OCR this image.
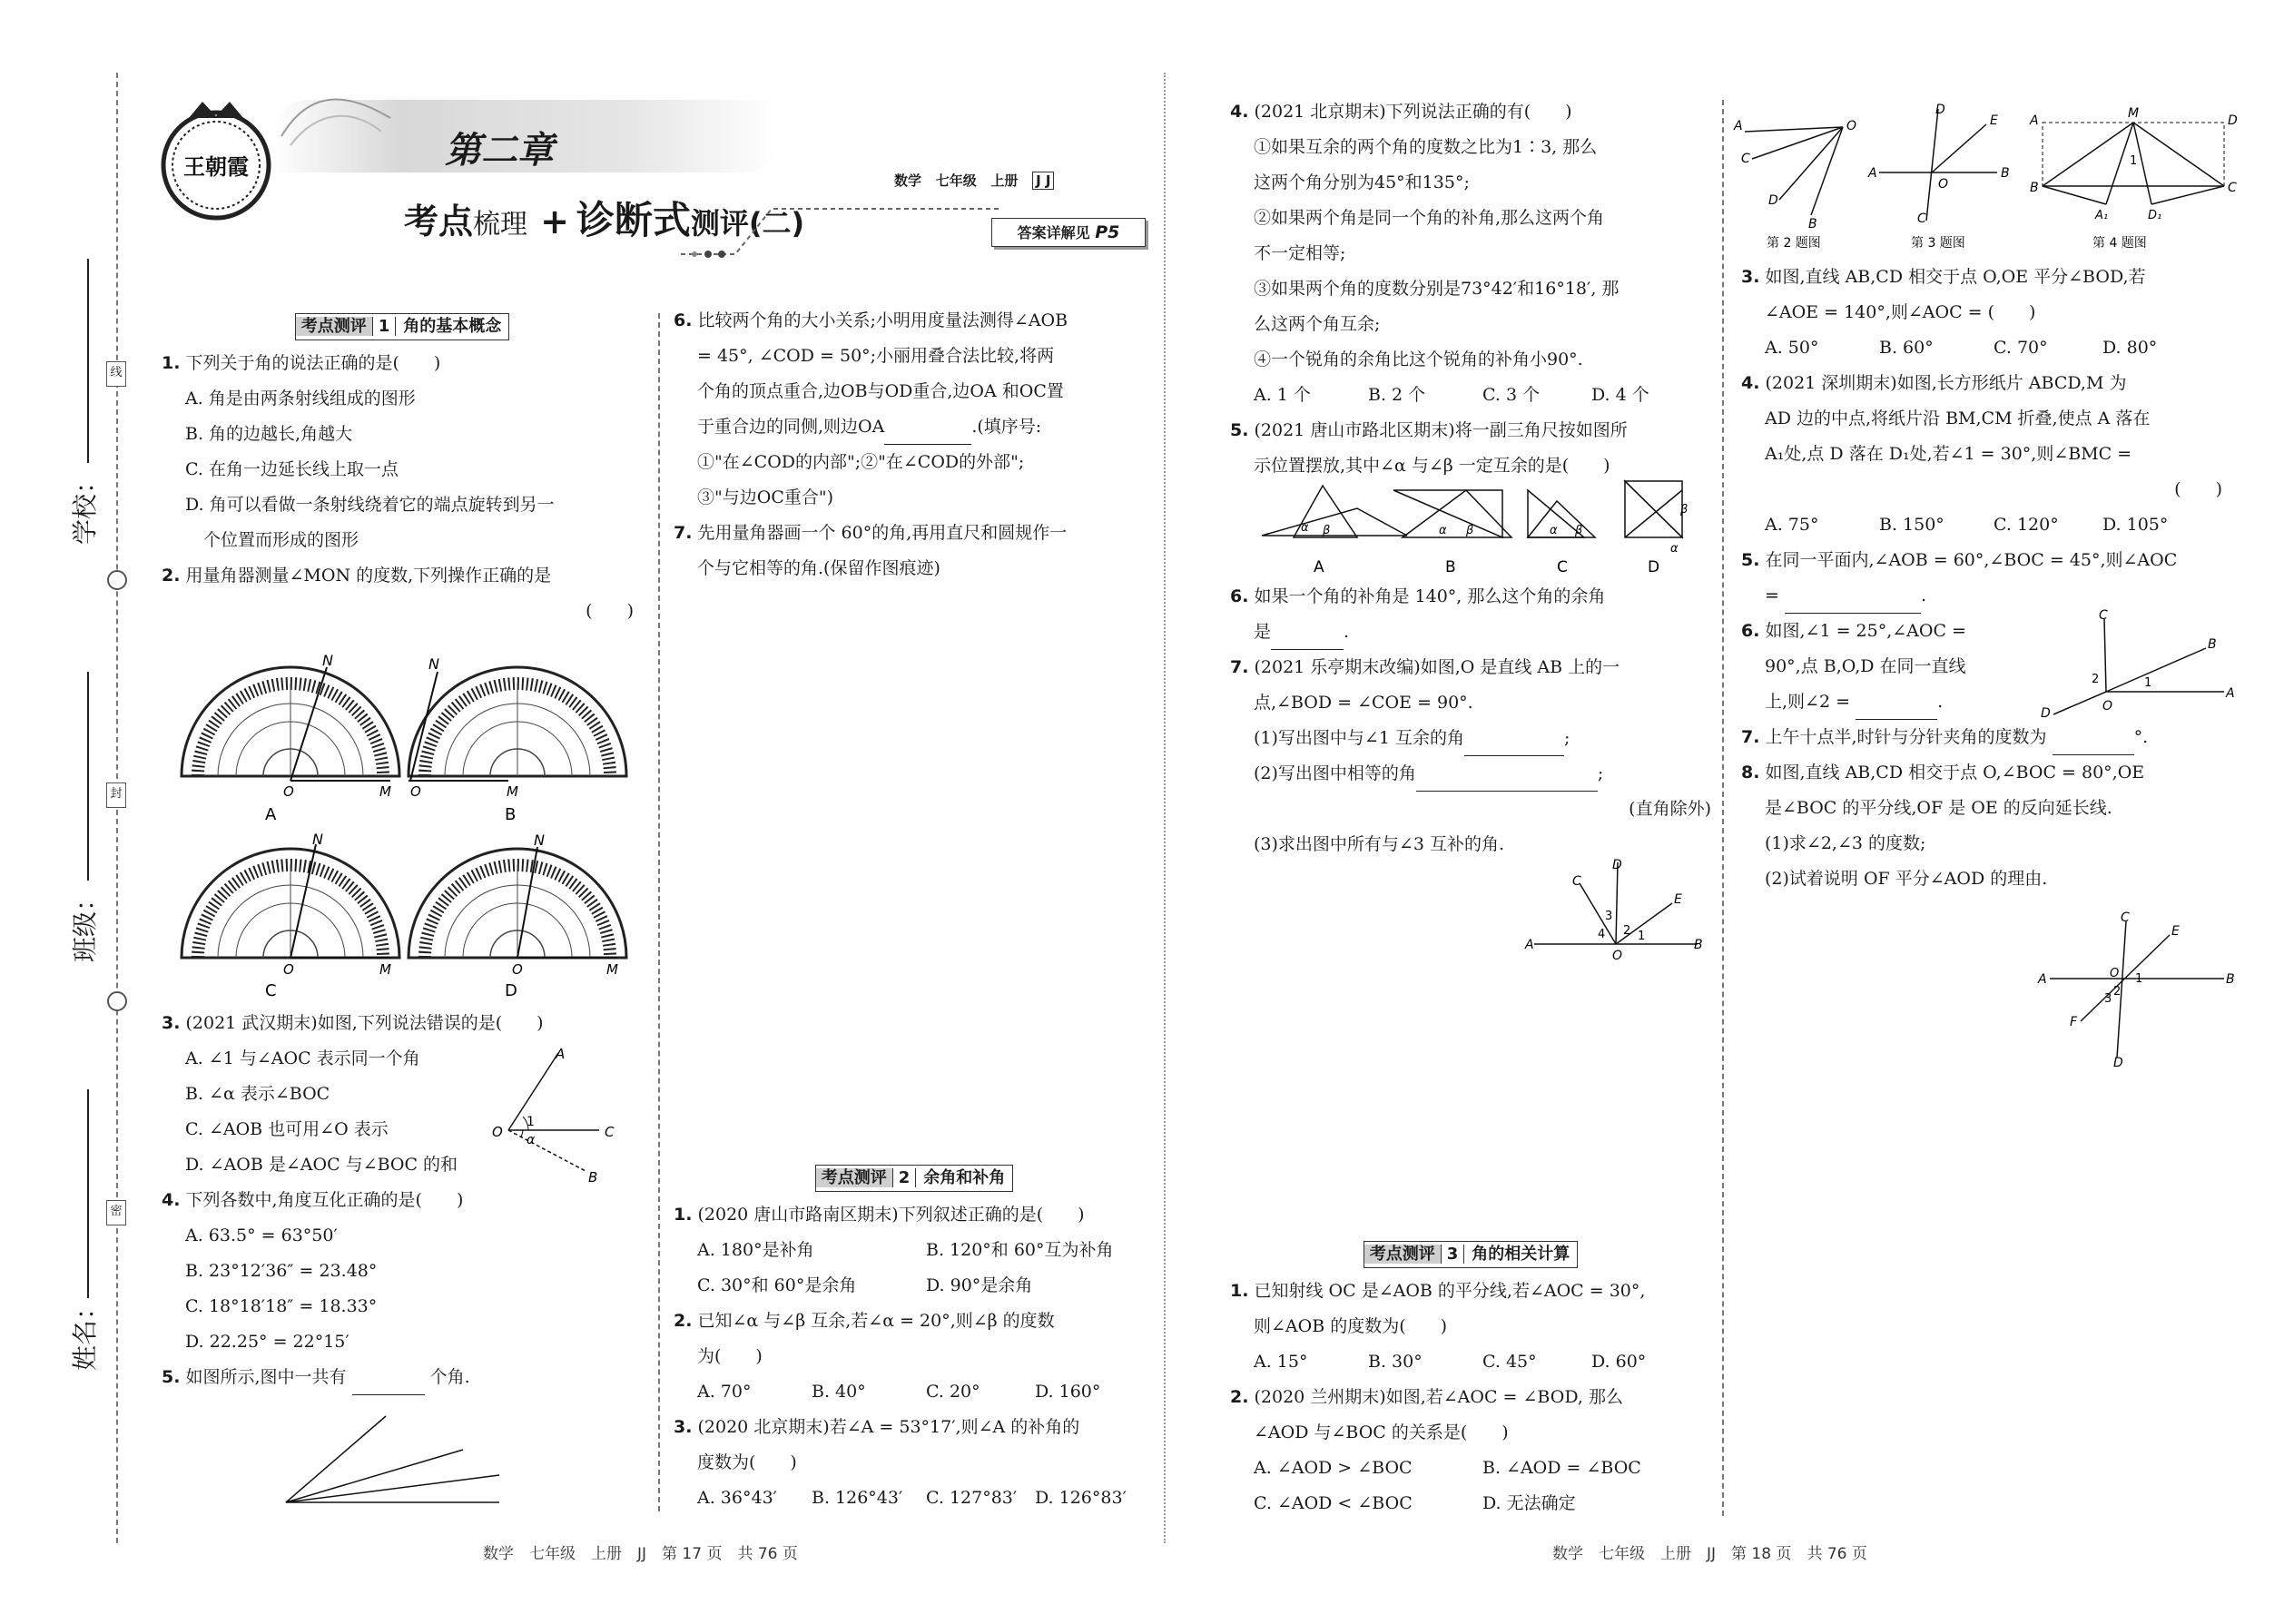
线
封
密
学校：
班级：
姓名：
王朝霞	第二章
考点梳理 + 诊断式测评(二)
数学 七年级 上册 J J
答案详解见 P5

考点测评 1 角的基本概念

1. 下列关于角的说法正确的是(　　)

A. 角是由两条射线组成的图形

B. 角的边越长,角越大

C. 在角一边延长线上取一点

D. 角可以看做一条射线绕着它的端点旋转到另一

个位置而形成的图形

2. 用量角器测量∠MON 的度数,下列操作正确的是

(　　)

N
O	M
A
N
O	M
B
N
O	M
C
N
O	M
D

3. (2021 武汉期末)如图,下列说法错误的是(　　)

A. ∠1 与∠AOC 表示同一个角

B. ∠α 表示∠BOC

C. ∠AOB 也可用∠O 表示

D. ∠AOB 是∠AOC 与∠BOC 的和

4. 下列各数中,角度互化正确的是(　　)

A. 63.5° = 63°50′

B. 23°12′36″ = 23.48°

C. 18°18′18″ = 18.33°

D. 22.25° = 22°15′

5. 如图所示,图中一共有	个角.

A
O	C
B
1
α

6. 比较两个角的大小关系;小明用度量法测得∠AOB

= 45°, ∠COD = 50°;小丽用叠合法比较,将两

个角的顶点重合,边OB与OD重合,边OA 和OC置

于重合边的同侧,则边OA	.(填序号:

①"在∠COD的内部";②"在∠COD的外部";

③"与边OC重合")

7. 先用量角器画一个 60°的角,再用直尺和圆规作一

个与它相等的角.(保留作图痕迹)

考点测评 2 余角和补角

1. (2020 唐山市路南区期末)下列叙述正确的是(　　)

A. 180°是补角	B. 120°和 60°互为补角

C. 30°和 60°是余角	D. 90°是余角

2. 已知∠α 与∠β 互余,若∠α = 20°,则∠β 的度数

为(　　)

A. 70°	B. 40°	C. 20°	D. 160°

3. (2020 北京期末)若∠A = 53°17′,则∠A 的补角的

度数为(　　)

A. 36°43′ B. 126°43′ C. 127°83′ D. 126°83′

4. (2021 北京期末)下列说法正确的有(　　)

①如果互余的两个角的度数之比为1∶3, 那么

这两个角分别为45°和135°;

②如果两个角是同一个角的补角,那么这两个角

不一定相等;

③如果两个角的度数分别是73°42′和16°18′, 那

么这两个角互余;

④一个锐角的余角比这个锐角的补角小90°.

A. 1 个	B. 2 个	C. 3 个	D. 4 个

5. (2021 唐山市路北区期末)将一副三角尺按如图所

示位置摆放,其中∠α 与∠β 一定互余的是(　　)

α β
A
α β
B
α β
C
β
α
D

6. 如果一个角的补角是 140°, 那么这个角的余角

是	.

7. (2021 乐亭期末改编)如图,O 是直线 AB 上的一

点,∠BOD = ∠COE = 90°.

(1)写出图中与∠1 互余的角	;

(2)写出图中相等的角	;

(直角除外)

(3)求出图中所有与∠3 互补的角.

A	B
O
D
C
E
4
3
2 1

考点测评 3 角的相关计算

1. 已知射线 OC 是∠AOB 的平分线,若∠AOC = 30°,

则∠AOB 的度数为(　　)

A. 15°	B. 30°	C. 45°	D. 60°

2. (2020 兰州期末)如图,若∠AOC = ∠BOD, 那么

∠AOD 与∠BOC 的关系是(　　)

A. ∠AOD > ∠BOC	B. ∠AOD = ∠BOC

C. ∠AOD < ∠BOC	D. 无法确定

A	O
C
D
B
第 2 题图
A	B
D
C
O
E
第 3 题图
A	M	D
B	C
A₁	D₁
1
第 4 题图

3. 如图,直线 AB,CD 相交于点 O,OE 平分∠BOD,若

∠AOE = 140°,则∠AOC = (　　)

A. 50°	B. 60°	C. 70°	D. 80°

4. (2021 深圳期末)如图,长方形纸片 ABCD,M 为

AD 边的中点,将纸片沿 BM,CM 折叠,使点 A 落在

A₁处,点 D 落在 D₁处,若∠1 = 30°,则∠BMC =

(　　)

A. 75°	B. 150°	C. 120°	D. 105°

5. 在同一平面内,∠AOB = 60°,∠BOC = 45°,则∠AOC

=	.

6. 如图,∠1 = 25°,∠AOC =

90°,点 B,O,D 在同一直线

上,则∠2 =	.

7. 上午十点半,时针与分针夹角的度数为	°.

8. 如图,直线 AB,CD 相交于点 O,∠BOC = 80°,OE

是∠BOC 的平分线,OF 是 OE 的反向延长线.

(1)求∠2,∠3 的度数;

(2)试着说明 OF 平分∠AOD 的理由.

A
C
B
O
D
2	1
A	B
C
D
E
F
O 1
3
2
数学　七年级　上册　JJ　第 17 页　共 76 页	数学　七年级　上册　JJ　第 18 页　共 76 页
